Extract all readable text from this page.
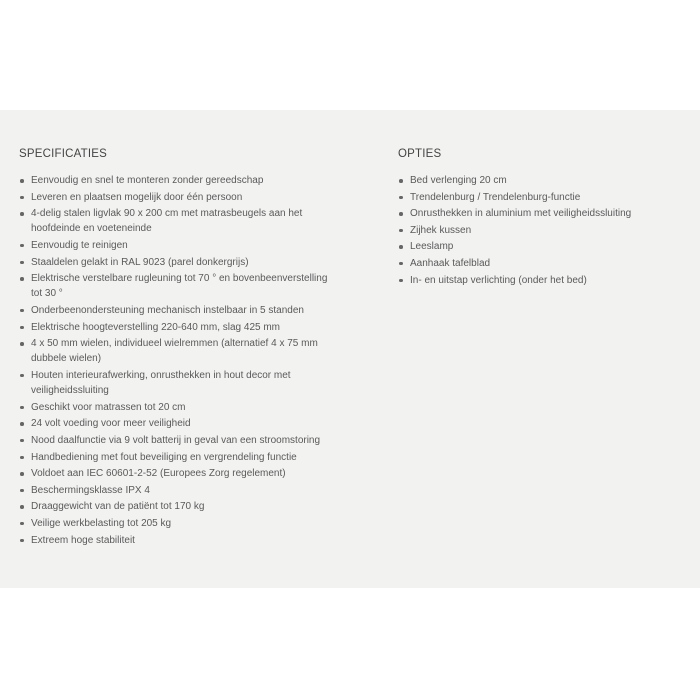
SPECIFICATIES
Eenvoudig en snel te monteren zonder gereedschap
Leveren en plaatsen mogelijk door één persoon
4-delig stalen ligvlak 90 x 200 cm met matrasbeugels aan het hoofdeinde en voeteneinde
Eenvoudig te reinigen
Staaldelen gelakt in RAL 9023 (parel donkergrijs)
Elektrische verstelbare rugleuning tot 70 ° en bovenbeenverstelling tot 30 °
Onderbeenondersteuning mechanisch instelbaar in 5 standen
Elektrische hoogteverstelling 220-640 mm, slag 425 mm
4 x 50 mm wielen, individueel wielremmen (alternatief 4 x 75 mm dubbele wielen)
Houten interieurafwerking, onrusthekken in hout decor met veiligheidssluiting
Geschikt voor matrassen tot 20 cm
24 volt voeding voor meer veiligheid
Nood daalfunctie via 9 volt batterij in geval van een stroomstoring
Handbediening met fout beveiliging en vergrendeling functie
Voldoet aan IEC 60601-2-52 (Europees Zorg regelement)
Beschermingsklasse IPX 4
Draaggewicht van de patiënt tot 170 kg
Veilige werkbelasting tot 205 kg
Extreem hoge stabiliteit
OPTIES
Bed verlenging 20 cm
Trendelenburg / Trendelenburg-functie
Onrusthekken in aluminium met veiligheidssluiting
Zijhek kussen
Leeslamp
Aanhaak tafelblad
In- en uitstap verlichting (onder het bed)
